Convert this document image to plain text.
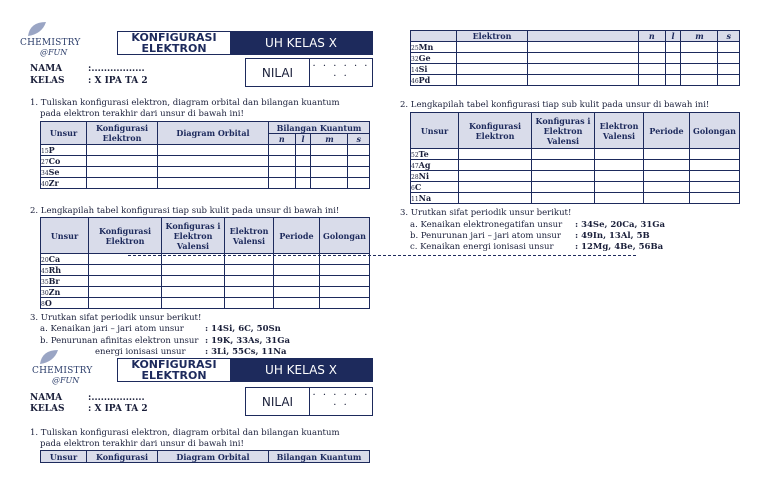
CHEMISTRY
@FUN
KONFIGURASI ELEKTRON	UH KELAS X
NAMA	:.................
KELAS	: X IPA TA 2
NILAI	· · · · · ·
· ·
1. Tuliskan konfigurasi elektron, diagram orbital dan bilangan kuantum
pada elektron terakhir dari unsur di bawah ini!
Unsur	Konfigurasi Elektron	Diagram Orbital	Bilangan Kuantum			
			n	l	m	s
15P						
27Co						
34Se						
40Zr						
2. Lengkapilah tabel konfigurasi tiap sub kulit pada unsur di bawah ini!
Unsur	Konfigurasi Elektron	Konfiguras i Elektron Valensi	Elektron Valensi	Periode	Golongan
20Ca					
45Rh					
35Br					
30Zn					
8O					
3. Urutkan sifat periodik unsur berikut!
a. Kenaikan jari – jari atom unsur : 14Si, 6C, 50Sn
b. Penurunan afinitas elektron unsur : 19K, 33As, 31Ga
energi ionisasi unsur : 3Li, 55Cs, 11Na
CHEMISTRY
@FUN
KONFIGURASI ELEKTRON	UH KELAS X
NAMA	:.................
KELAS	: X IPA TA 2
NILAI	· · · · · ·
· ·
1. Tuliskan konfigurasi elektron, diagram orbital dan bilangan kuantum
pada elektron terakhir dari unsur di bawah ini!
Unsur	Konfigurasi	Diagram Orbital	Bilangan Kuantum
	Elektron		n	l	m	s
25Mn						
32Ge						
14Si						
46Pd						
2. Lengkapilah tabel konfigurasi tiap sub kulit pada unsur di bawah ini!
Unsur	Konfigurasi Elektron	Konfiguras i Elektron Valensi	Elektron Valensi	Periode	Golongan
52Te					
47Ag					
28Ni					
6C					
11Na					
3. Urutkan sifat periodik unsur berikut!
a. Kenaikan elektronegatifan unsur : 34Se, 20Ca, 31Ga
b. Penurunan jari – jari atom unsur : 49In, 13Al, 5B
c. Kenaikan energi ionisasi unsur	: 12Mg, 4Be, 56Ba
